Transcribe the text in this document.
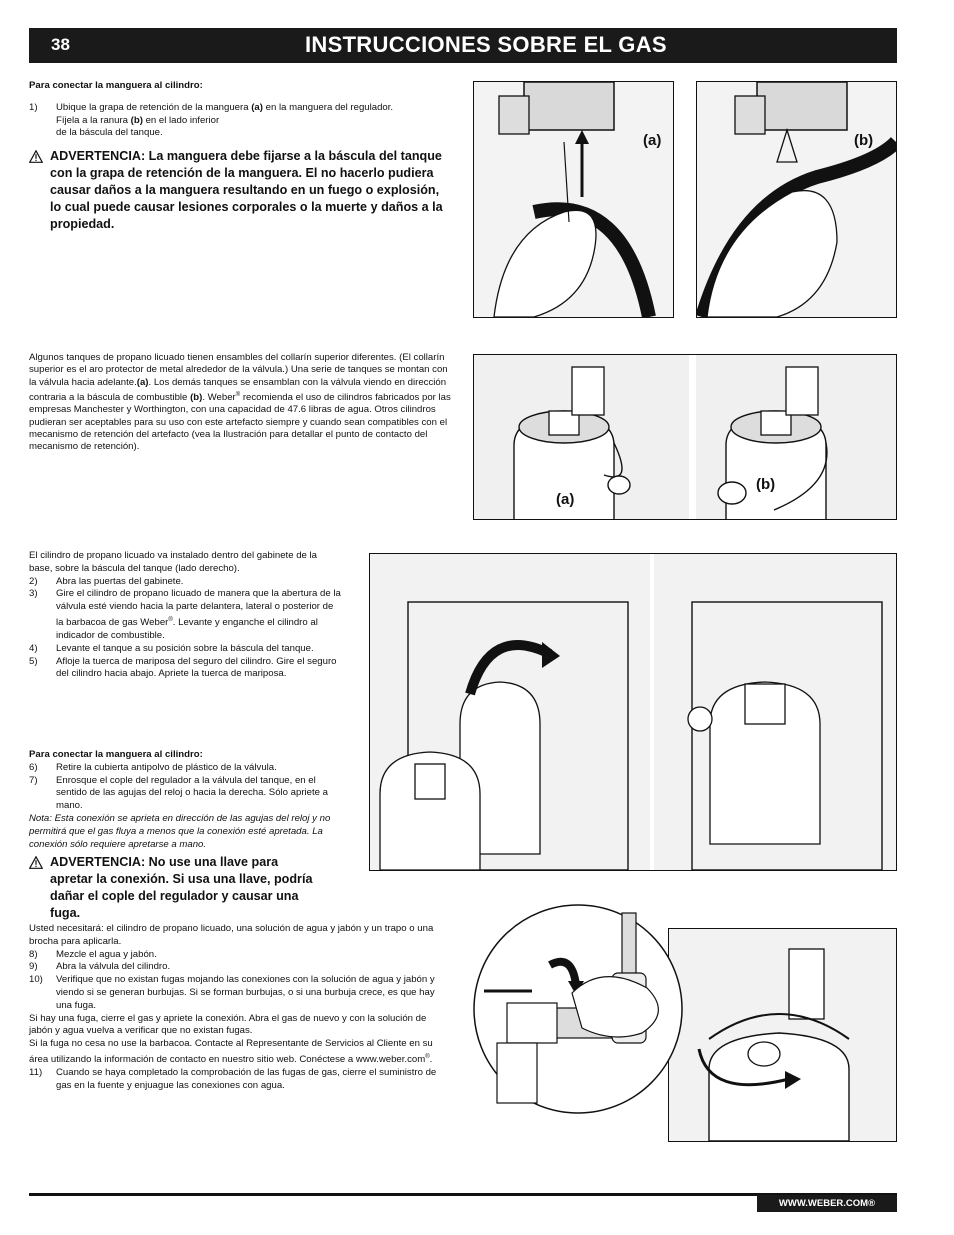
38	INSTRUCCIONES SOBRE EL GAS
Para conectar la manguera al cilindro:
1) Ubique la grapa de retención de la manguera (a) en la manguera del regulador.
Fíjela a la ranura (b) en el lado inferior
de la báscula del tanque.
ADVERTENCIA: La manguera debe fijarse a la báscula del tanque con la grapa de retención de la manguera. El no hacerlo pudiera causar daños a la manguera resultando en un fuego o explosión, lo cual puede causar lesiones corporales o la muerte y daños a la propiedad.
(a)	(b)
Algunos tanques de propano licuado tienen ensambles del collarín superior diferentes. (El collarín superior es el aro protector de metal alrededor de la válvula.) Una serie de tanques se montan con la válvula hacia adelante.(a). Los demás tanques se ensamblan con la válvula viendo en dirección contraria a la báscula de combustible (b). Weber® recomienda el uso de cilindros fabricados por las empresas Manchester y Worthington, con una capacidad de 47.6 libras de agua. Otros cilindros pudieran ser aceptables para su uso con este artefacto siempre y cuando sean compatibles con el mecanismo de retención del artefacto (vea la Ilustración para detallar el punto de contacto del mecanismo de retención).
(a)
(b)
El cilindro de propano licuado va instalado dentro del gabinete de la base, sobre la báscula del tanque (lado derecho).
2) Abra las puertas del gabinete.
3) Gire el cilindro de propano licuado de manera que la abertura de la válvula esté viendo hacia la parte delantera, lateral o posterior de la barbacoa de gas Weber®. Levante y enganche el cilindro al indicador de combustible.
4) Levante el tanque a su posición sobre la báscula del tanque.
5) Afloje la tuerca de mariposa del seguro del cilindro. Gire el seguro del cilindro hacia abajo. Apriete la tuerca de mariposa.
Para conectar la manguera al cilindro:
6) Retire la cubierta antipolvo de plástico de la válvula.
7) Enrosque el cople del regulador a la válvula del tanque, en el sentido de las agujas del reloj o hacia la derecha. Sólo apriete a mano.
Nota: Esta conexión se aprieta en dirección de las agujas del reloj y no permitirá que el gas fluya a menos que la conexión esté apretada. La conexión sólo requiere apretarse a mano.
ADVERTENCIA: No use una llave para apretar la conexión. Si usa una llave, podría dañar el cople del regulador y causar una fuga.
Usted necesitará: el cilindro de propano licuado, una solución de agua y jabón y un trapo o una brocha para aplicarla.
8) Mezcle el agua y jabón.
9) Abra la válvula del cilindro.
10) Verifique que no existan fugas mojando las conexiones con la solución de agua y jabón y viendo si se generan burbujas. Si se forman burbujas, o si una burbuja crece, es que hay una fuga.
Si hay una fuga, cierre el gas y apriete la conexión. Abra el gas de nuevo y con la solución de jabón y agua vuelva a verificar que no existan fugas.
Si la fuga no cesa no use la barbacoa. Contacte al Representante de Servicios al Cliente en su área utilizando la información de contacto en nuestro sitio web. Conéctese a www.weber.com®.
11) Cuando se haya completado la comprobación de las fugas de gas, cierre el suministro de gas en la fuente y enjuague las conexiones con agua.
WWW.WEBER.COM®
